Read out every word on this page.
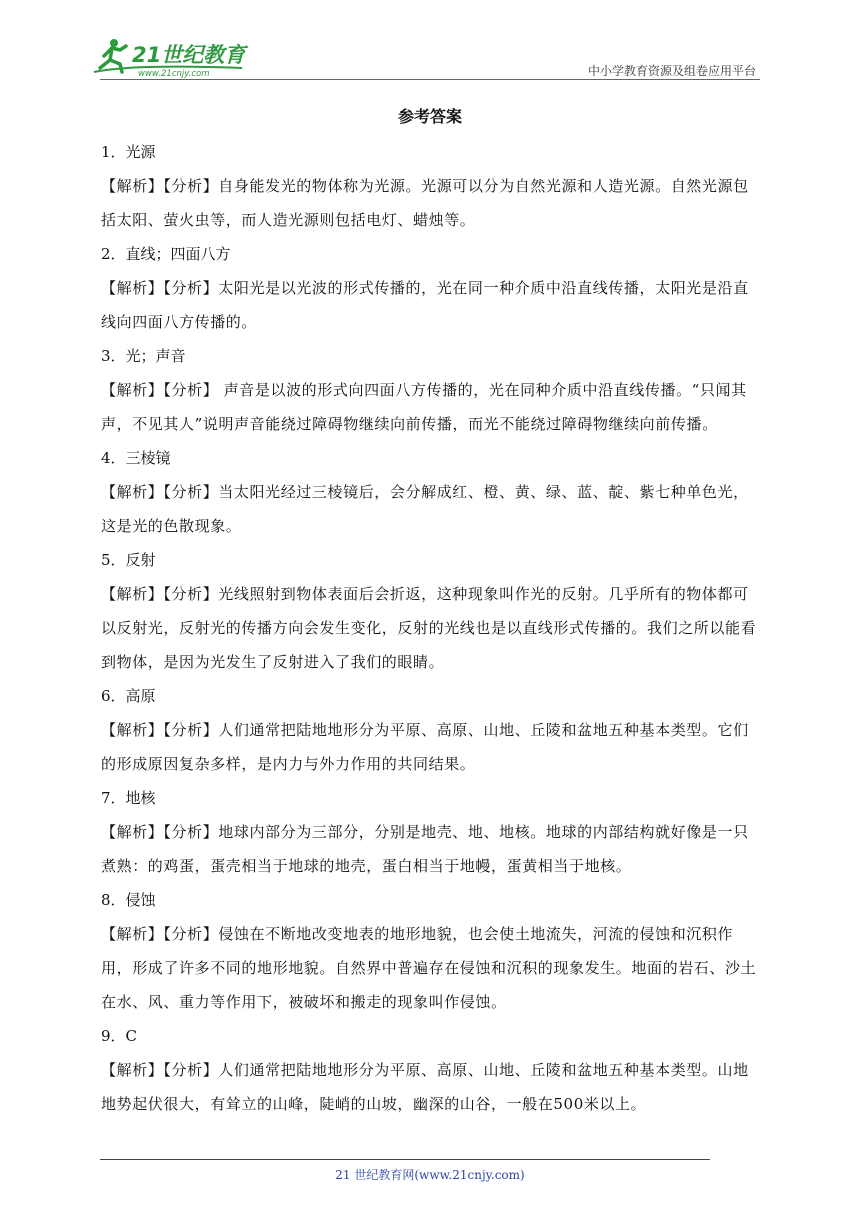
21世纪教育
www.21cnjy.com	中小学教育资源及组卷应用平台
参考答案
1．光源
【解析】【分析】自身能发光的物体称为光源。光源可以分为自然光源和人造光源。自然光源包括太阳、萤火虫等，而人造光源则包括电灯、蜡烛等。
2．直线；四面八方
【解析】【分析】太阳光是以光波的形式传播的，光在同一种介质中沿直线传播，太阳光是沿直线向四面八方传播的。
3．光；声音
【解析】【分析】 声音是以波的形式向四面八方传播的，光在同种介质中沿直线传播。“只闻其声，不见其人”说明声音能绕过障碍物继续向前传播，而光不能绕过障碍物继续向前传播。
4．三棱镜
【解析】【分析】当太阳光经过三棱镜后，会分解成红、橙、黄、绿、蓝、靛、紫七种单色光，这是光的色散现象。
5．反射
【解析】【分析】光线照射到物体表面后会折返，这种现象叫作光的反射。几乎所有的物体都可以反射光，反射光的传播方向会发生变化，反射的光线也是以直线形式传播的。我们之所以能看到物体，是因为光发生了反射进入了我们的眼睛。
6．高原
【解析】【分析】人们通常把陆地地形分为平原、高原、山地、丘陵和盆地五种基本类型。它们的形成原因复杂多样，是内力与外力作用的共同结果。
7．地核
【解析】【分析】地球内部分为三部分，分别是地壳、地、地核。地球的内部结构就好像是一只煮熟：的鸡蛋，蛋壳相当于地球的地壳，蛋白相当于地幔，蛋黄相当于地核。
8．侵蚀
【解析】【分析】侵蚀在不断地改变地表的地形地貌，也会使土地流失，河流的侵蚀和沉积作用，形成了许多不同的地形地貌。自然界中普遍存在侵蚀和沉积的现象发生。地面的岩石、沙土在水、风、重力等作用下，被破坏和搬走的现象叫作侵蚀。
9．C
【解析】【分析】人们通常把陆地地形分为平原、高原、山地、丘陵和盆地五种基本类型。山地地势起伏很大，有耸立的山峰，陡峭的山坡，幽深的山谷，一般在500米以上。
21 世纪教育网(www.21cnjy.com)
